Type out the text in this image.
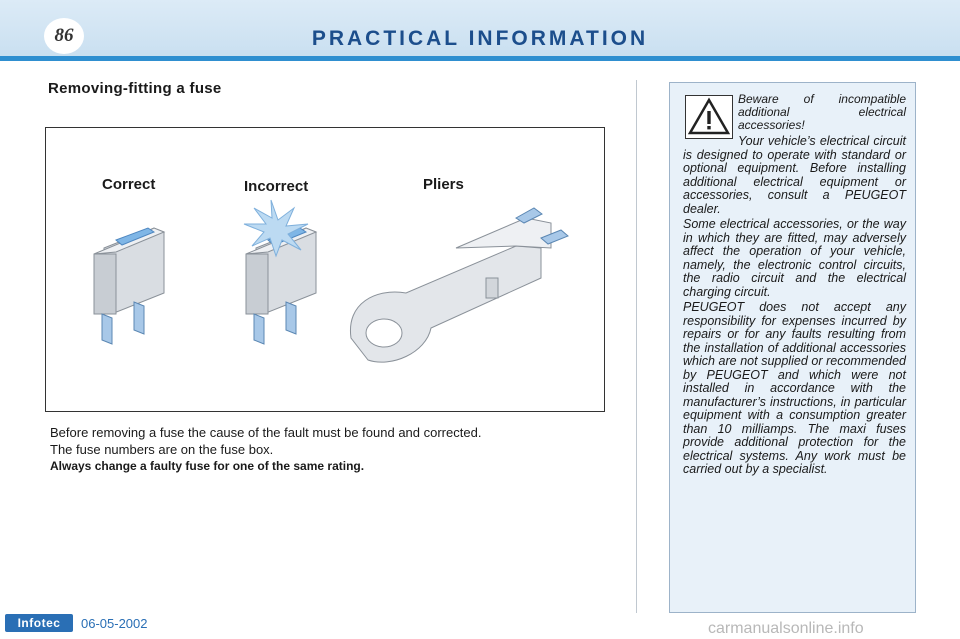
86	PRACTICAL INFORMATION
Removing-fitting a fuse
Correct	Incorrect	Pliers
Before removing a fuse the cause of the fault must be found and corrected.
The fuse numbers are on the fuse box.
Always change a faulty fuse for one of the same rating.
Beware of incompatible additional electrical accessories!

Your vehicle’s electrical circuit is designed to operate with standard or optional equipment. Before installing additional electrical equipment or accessories, consult a PEUGEOT dealer.

Some electrical accessories, or the way in which they are fitted, may adversely affect the operation of your vehicle, namely, the electronic control circuits, the radio circuit and the electrical charging circuit.

PEUGEOT does not accept any responsibility for expenses incurred by repairs or for any faults resulting from the installation of additional accessories which are not supplied or recommended by PEUGEOT and which were not installed in accordance with the manufacturer’s instructions, in particular equipment with a consumption greater than 10 milliamps. The maxi fuses provide additional protection for the electrical systems. Any work must be carried out by a specialist.

Infotec	06-05-2002	carmanualsonline.info
